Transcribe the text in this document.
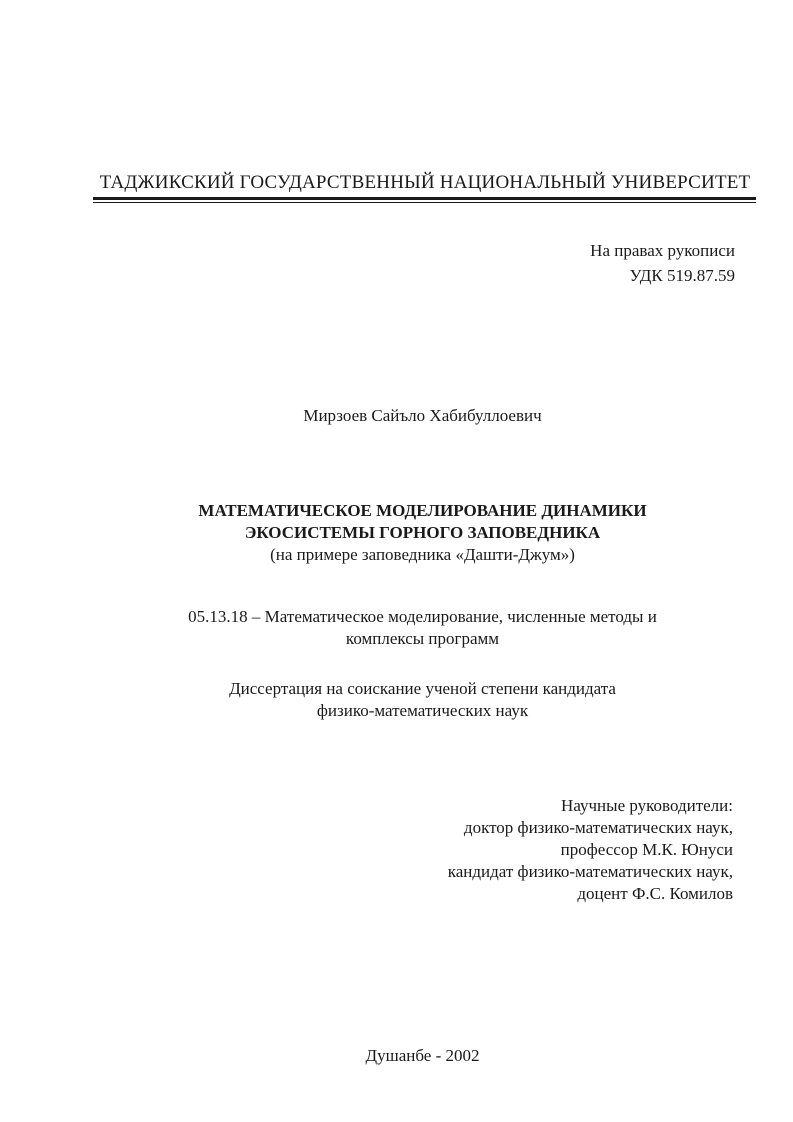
ТАДЖИКСКИЙ ГОСУДАРСТВЕННЫЙ НАЦИОНАЛЬНЫЙ УНИВЕРСИТЕТ
На правах рукописи
УДК 519.87.59
Мирзоев Сайъло Хабибуллоевич
МАТЕМАТИЧЕСКОЕ МОДЕЛИРОВАНИЕ ДИНАМИКИ
ЭКОСИСТЕМЫ ГОРНОГО ЗАПОВЕДНИКА
(на примере заповедника «Дашти-Джум»)
05.13.18 – Математическое моделирование, численные методы и
комплексы программ
Диссертация на соискание ученой степени кандидата
физико-математических наук
Научные руководители:
доктор физико-математических наук,
профессор М.К. Юнуси
кандидат физико-математических наук,
доцент Ф.С. Комилов
Душанбе - 2002
